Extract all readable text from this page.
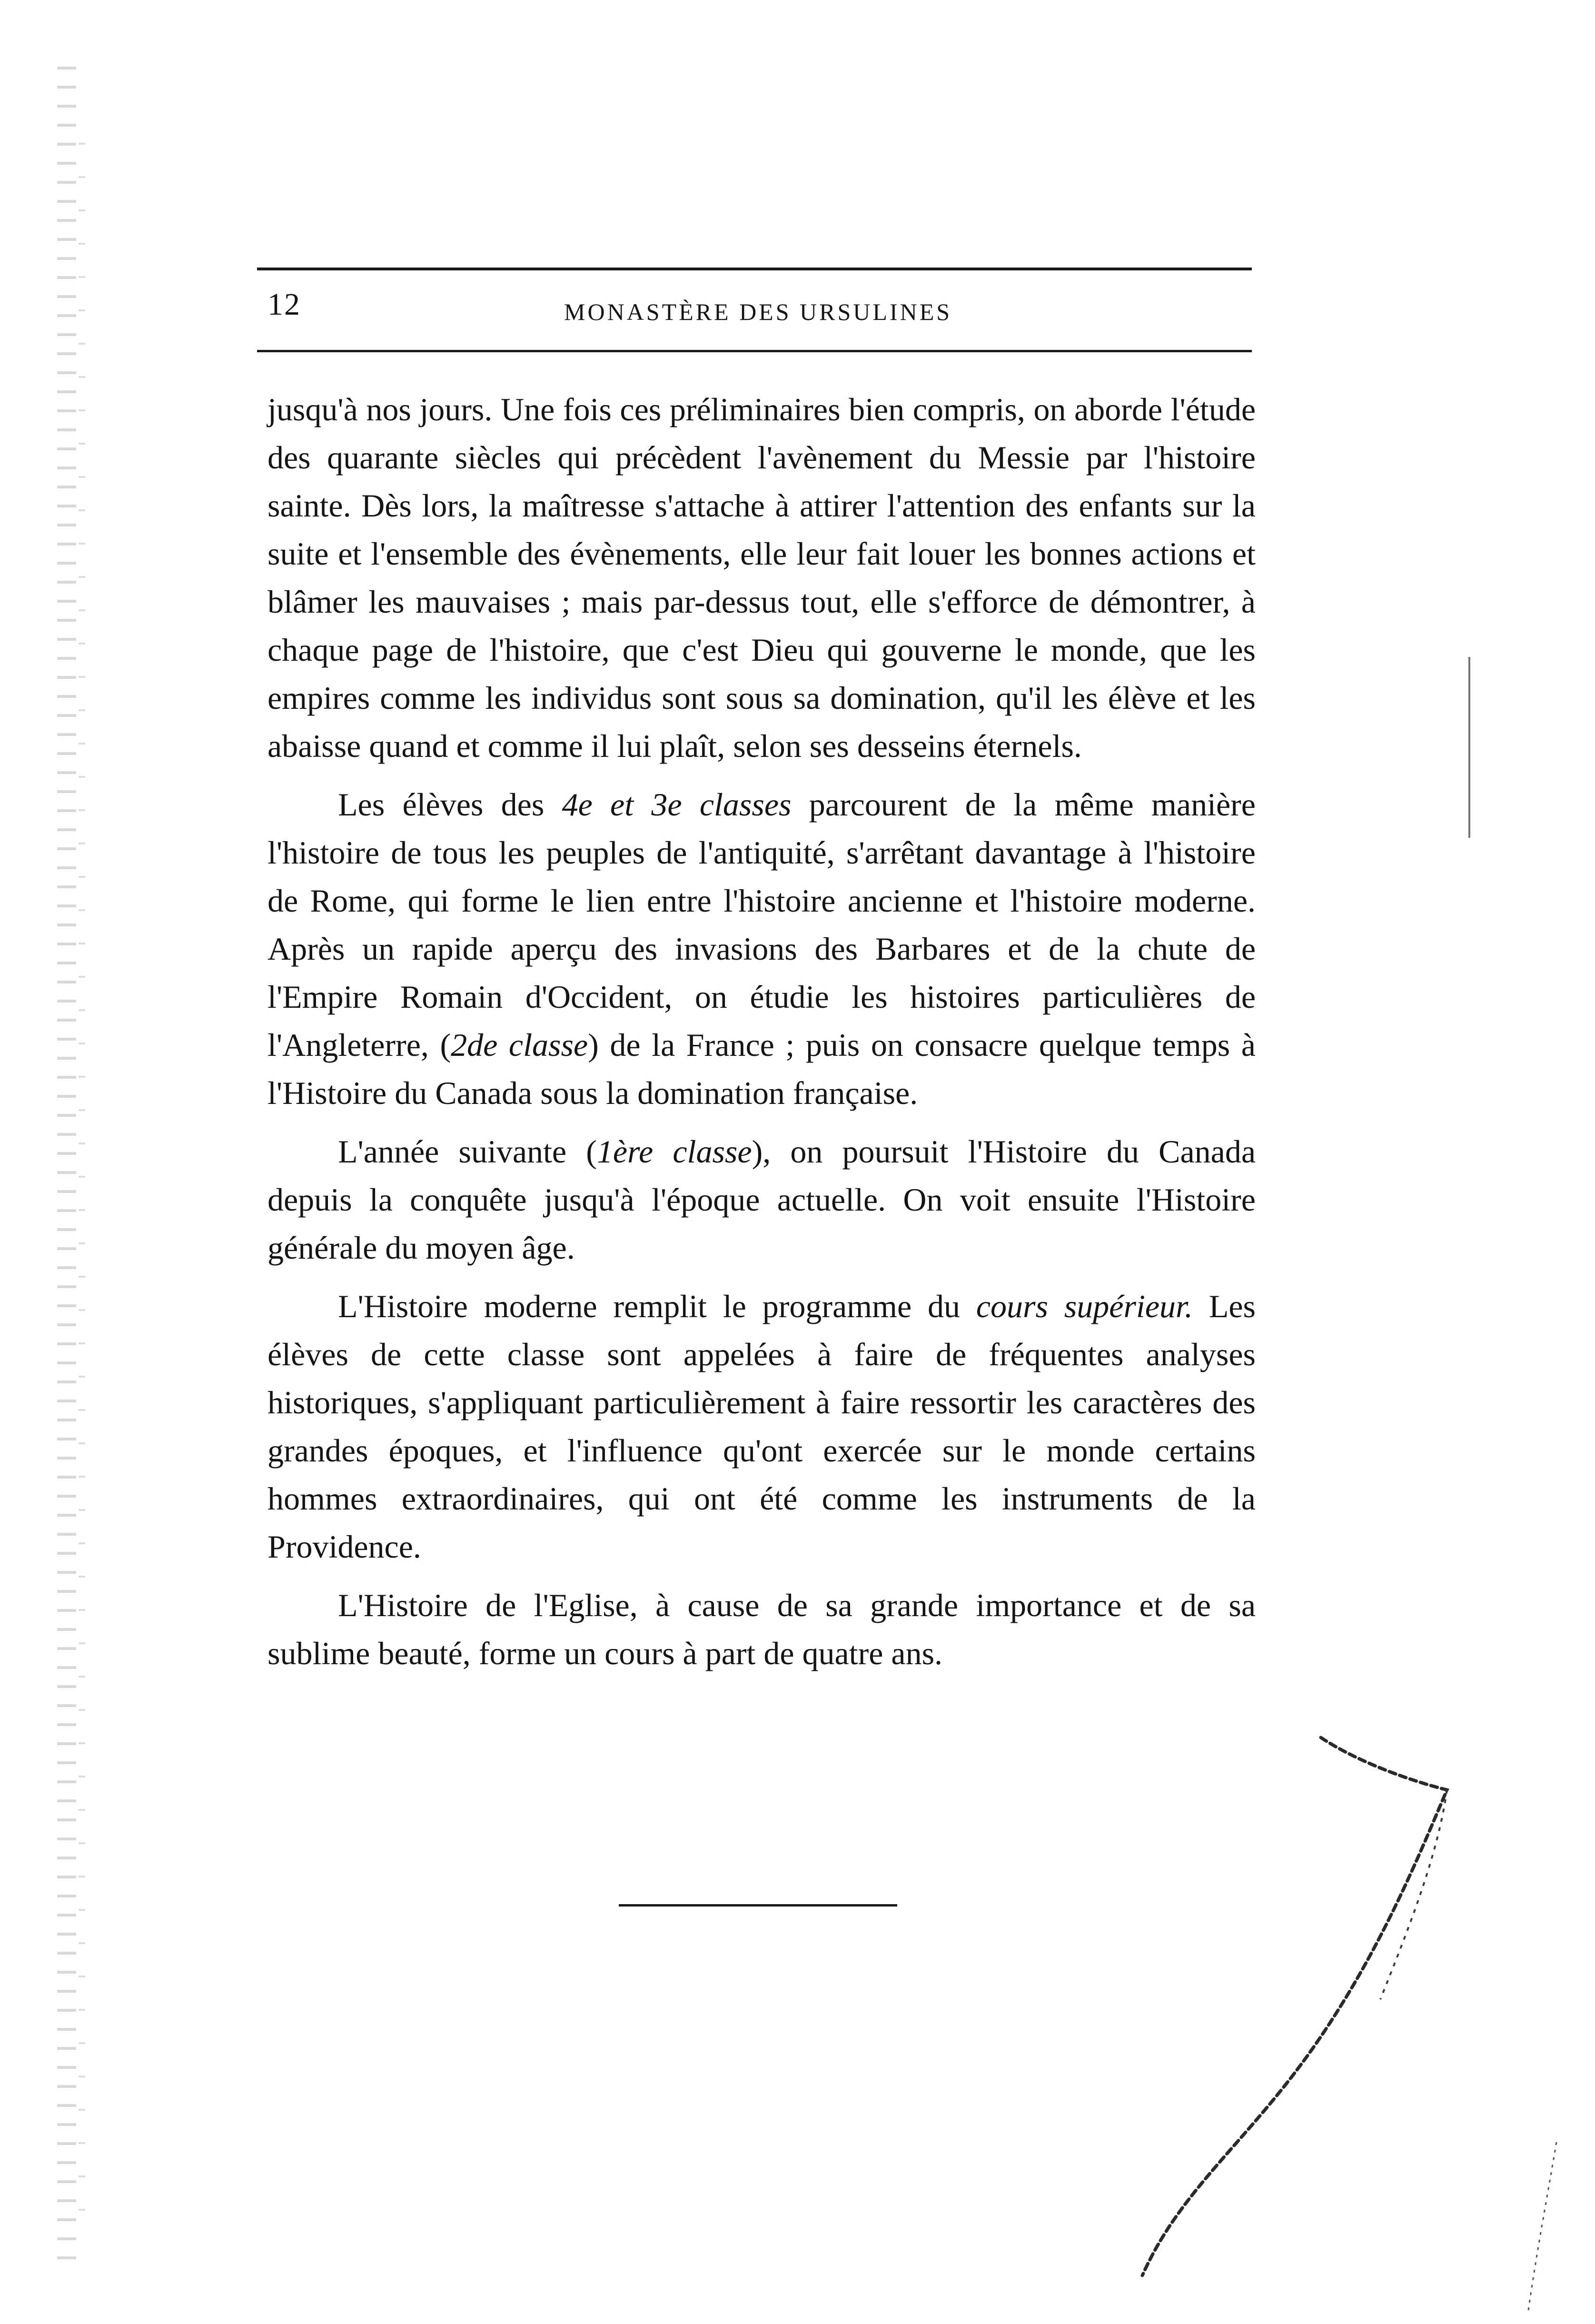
12	MONASTÈRE DES URSULINES

jusqu'à nos jours. Une fois ces préliminaires bien compris, on aborde l'étude des quarante siècles qui précèdent l'avènement du Messie par l'histoire sainte. Dès lors, la maîtresse s'attache à attirer l'attention des enfants sur la suite et l'ensemble des évènements, elle leur fait louer les bonnes actions et blâmer les mauvaises ; mais par-dessus tout, elle s'efforce de démontrer, à chaque page de l'histoire, que c'est Dieu qui gouverne le monde, que les empires comme les individus sont sous sa domination, qu'il les élève et les abaisse quand et comme il lui plaît, selon ses desseins éternels.

Les élèves des 4e et 3e classes parcourent de la même manière l'histoire de tous les peuples de l'antiquité, s'arrêtant davantage à l'histoire de Rome, qui forme le lien entre l'histoire ancienne et l'histoire moderne. Après un rapide aperçu des invasions des Barbares et de la chute de l'Empire Romain d'Occident, on étudie les histoires particulières de l'Angleterre, (2de classe) de la France ; puis on consacre quelque temps à l'Histoire du Canada sous la domination française.

L'année suivante (1ère classe), on poursuit l'Histoire du Canada depuis la conquête jusqu'à l'époque actuelle. On voit ensuite l'Histoire générale du moyen âge.

L'Histoire moderne remplit le programme du cours supérieur. Les élèves de cette classe sont appelées à faire de fréquentes analyses historiques, s'appliquant particulièrement à faire ressortir les caractères des grandes époques, et l'influence qu'ont exercée sur le monde certains hommes extraordinaires, qui ont été comme les instruments de la Providence.

L'Histoire de l'Eglise, à cause de sa grande importance et de sa sublime beauté, forme un cours à part de quatre ans.
